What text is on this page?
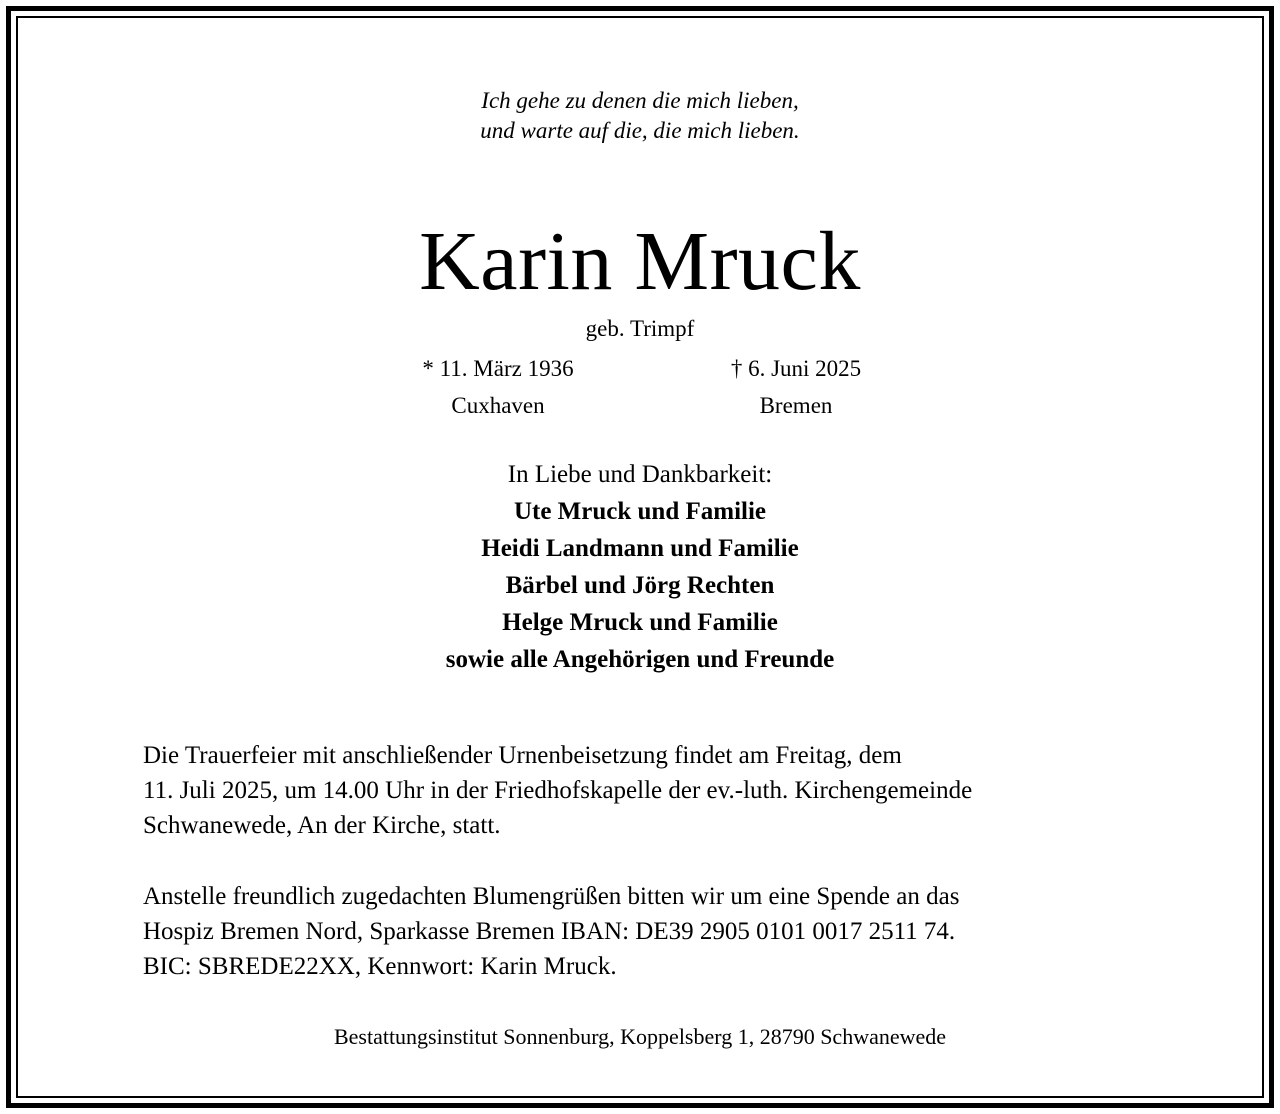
Ich gehe zu denen die mich lieben,
und warte auf die, die mich lieben.
Karin Mruck
geb. Trimpf
* 11. März 1936
Cuxhaven
† 6. Juni 2025
Bremen
In Liebe und Dankbarkeit:
Ute Mruck und Familie
Heidi Landmann und Familie
Bärbel und Jörg Rechten
Helge Mruck und Familie
sowie alle Angehörigen und Freunde
Die Trauerfeier mit anschließender Urnenbeisetzung findet am Freitag, dem
11. Juli 2025, um 14.00 Uhr in der Friedhofskapelle der ev.-luth. Kirchengemeinde
Schwanewede, An der Kirche, statt.
Anstelle freundlich zugedachten Blumengrüßen bitten wir um eine Spende an das
Hospiz Bremen Nord, Sparkasse Bremen IBAN: DE39 2905 0101 0017 2511 74.
BIC: SBREDE22XX, Kennwort: Karin Mruck.
Bestattungsinstitut Sonnenburg, Koppelsberg 1, 28790 Schwanewede
